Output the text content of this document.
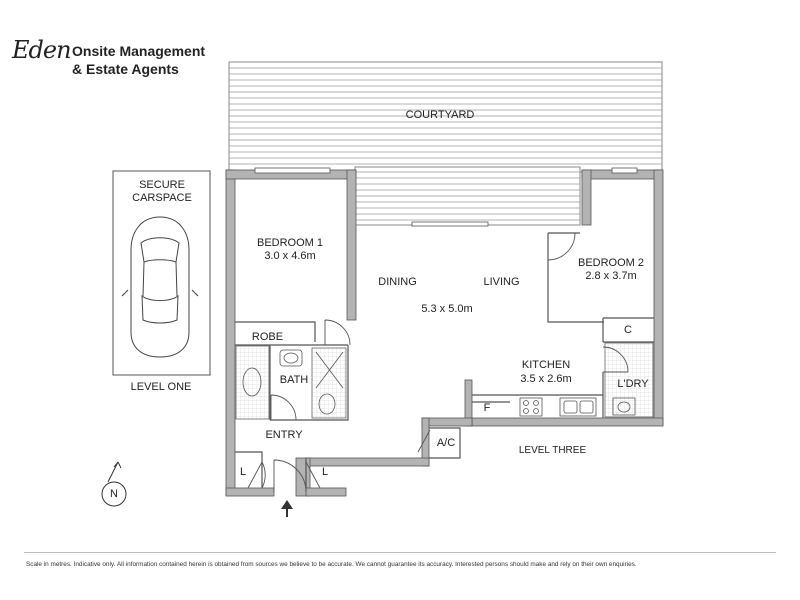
Eden Onsite Management
& Estate Agents
COURTYARD
SECURE
CARSPACE
LEVEL ONE
BEDROOM 1
3.0 x 4.6m
DINING	LIVING
5.3 x 5.0m
BEDROOM 2
2.8 x 3.7m
ROBE
BATH
KITCHEN
3.5 x 2.6m
C
L'DRY
F
A/C
ENTRY
L	L
LEVEL THREE
N
Scale in metres. Indicative only. All information contained herein is obtained from sources we believe to be accurate. We cannot guarantee its accuracy. Interested persons should make and rely on their own enquiries.
